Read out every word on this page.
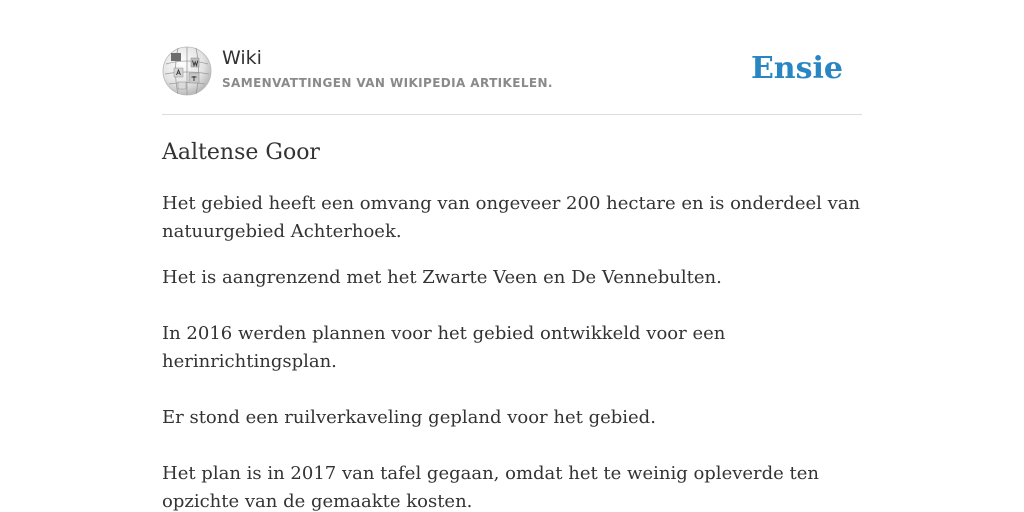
Wiki
SAMENVATTINGEN VAN WIKIPEDIA ARTIKELEN.	Ensie
Aaltense Goor

Het gebied heeft een omvang van ongeveer 200 hectare en is onderdeel van natuurgebied Achterhoek.

Het is aangrenzend met het Zwarte Veen en De Vennebulten.

In 2016 werden plannen voor het gebied ontwikkeld voor een herinrichtingsplan.

Er stond een ruilverkaveling gepland voor het gebied.

Het plan is in 2017 van tafel gegaan, omdat het te weinig opleverde ten opzichte van de gemaakte kosten.
